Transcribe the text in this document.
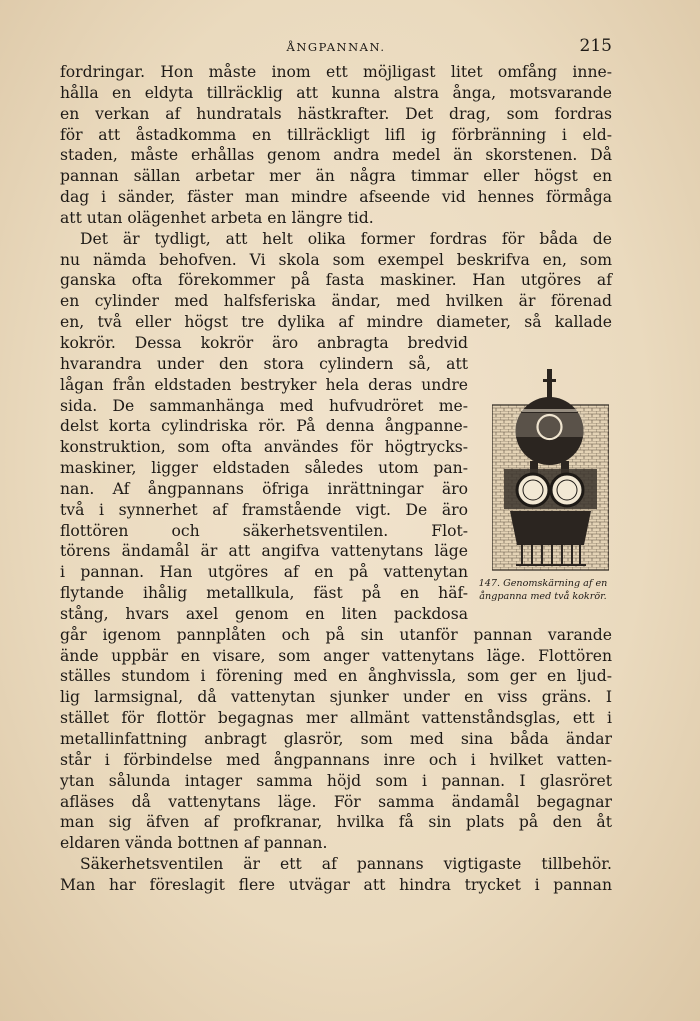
ÅNGPANNAN.	215
fordringar. Hon måste inom ett möjligast litet omfång inne-
hålla en eldyta tillräcklig att kunna alstra ånga, motsvarande
en verkan af hundratals hästkrafter. Det drag, som fordras
för att åstadkomma en tillräckligt lifl ig förbränning i eld-
staden, måste erhållas genom andra medel än skorstenen. Då
pannan sällan arbetar mer än några timmar eller högst en
dag i sänder, fäster man mindre afseende vid hennes förmåga
att utan olägenhet arbeta en längre tid.
Det är tydligt, att helt olika former fordras för båda de
nu nämda behofven. Vi skola som exempel beskrifva en, som
ganska ofta förekommer på fasta maskiner. Han utgöres af
en cylinder med halfsferiska ändar, med hvilken är förenad
en, två eller högst tre dylika af mindre diameter, så kallade
kokrör. Dessa kokrör äro anbragta bredvid
hvarandra under den stora cylindern så, att
lågan från eldstaden bestryker hela deras undre
sida. De sammanhänga med hufvudröret me-
delst korta cylindriska rör. På denna ångpanne-
konstruktion, som ofta användes för högtrycks-
maskiner, ligger eldstaden således utom pan-
nan. Af ångpannans öfriga inrättningar äro
två i synnerhet af framstående vigt. De äro
flottören och säkerhetsventilen. Flot-
törens ändamål är att angifva vattenytans läge
i pannan. Han utgöres af en på vattenytan
flytande ihålig metallkula, fäst på en häf-
stång, hvars axel genom en liten packdosa
går igenom pannplåten och på sin utanför pannan varande
ände uppbär en visare, som anger vattenytans läge. Flottören
ställes stundom i förening med en ånghvissla, som ger en ljud-
lig larmsignal, då vattenytan sjunker under en viss gräns. I
stället för flottör begagnas mer allmänt vattenståndsglas, ett i
metallinfattning anbragt glasrör, som med sina båda ändar
står i förbindelse med ångpannans inre och i hvilket vatten-
ytan sålunda intager samma höjd som i pannan. I glasröret
afläses då vattenytans läge. För samma ändamål begagnar
man sig äfven af profkranar, hvilka få sin plats på den åt
eldaren vända bottnen af pannan.
Säkerhetsventilen är ett af pannans vigtigaste tillbehör.
Man har föreslagit flere utvägar att hindra trycket i pannan
147. Genomskärning af en ångpanna med två kokrör.
